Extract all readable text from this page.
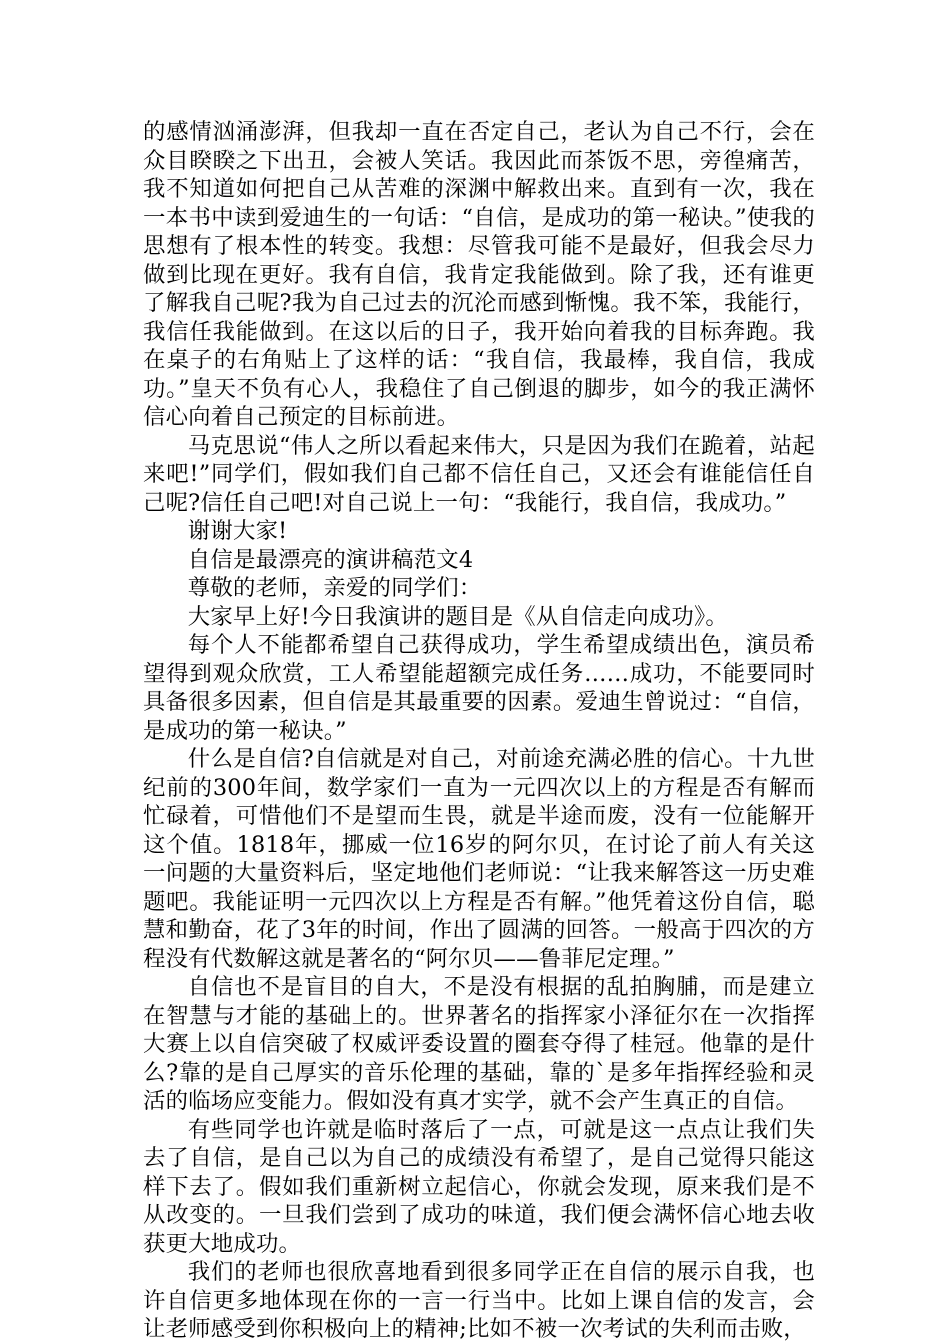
的感情汹涌澎湃，但我却一直在否定自己，老认为自己不行，会在众目睽睽之下出丑，会被人笑话。我因此而茶饭不思，旁徨痛苦，我不知道如何把自己从苦难的深渊中解救出来。直到有一次，我在一本书中读到爱迪生的一句话：“自信，是成功的第一秘诀。”使我的思想有了根本性的转变。我想：尽管我可能不是最好，但我会尽力做到比现在更好。我有自信，我肯定我能做到。除了我，还有谁更了解我自己呢?我为自己过去的沉沦而感到惭愧。我不笨，我能行，我信任我能做到。在这以后的日子，我开始向着我的目标奔跑。我在桌子的右角贴上了这样的话：“我自信，我最棒，我自信，我成功。”皇天不负有心人，我稳住了自己倒退的脚步，如今的我正满怀信心向着自己预定的目标前进。

马克思说“伟人之所以看起来伟大，只是因为我们在跪着，站起来吧!”同学们，假如我们自己都不信任自己，又还会有谁能信任自己呢?信任自己吧!对自己说上一句：“我能行，我自信，我成功。”

谢谢大家!

自信是最漂亮的演讲稿范文4

尊敬的老师，亲爱的同学们：

大家早上好!今日我演讲的题目是《从自信走向成功》。

每个人不能都希望自己获得成功，学生希望成绩出色，演员希望得到观众欣赏，工人希望能超额完成任务……成功，不能要同时具备很多因素，但自信是其最重要的因素。爱迪生曾说过：“自信，是成功的第一秘诀。”

什么是自信?自信就是对自己，对前途充满必胜的信心。十九世纪前的300年间，数学家们一直为一元四次以上的方程是否有解而忙碌着，可惜他们不是望而生畏，就是半途而废，没有一位能解开这个值。1818年，挪威一位16岁的阿尔贝，在讨论了前人有关这一问题的大量资料后，坚定地他们老师说：“让我来解答这一历史难题吧。我能证明一元四次以上方程是否有解。”他凭着这份自信，聪慧和勤奋，花了3年的时间，作出了圆满的回答。一般高于四次的方程没有代数解这就是著名的“阿尔贝——鲁菲尼定理。”

自信也不是盲目的自大，不是没有根据的乱拍胸脯，而是建立在智慧与才能的基础上的。世界著名的指挥家小泽征尔在一次指挥大赛上以自信突破了权威评委设置的圈套夺得了桂冠。他靠的是什么?靠的是自己厚实的音乐伦理的基础，靠的`是多年指挥经验和灵活的临场应变能力。假如没有真才实学，就不会产生真正的自信。

有些同学也许就是临时落后了一点，可就是这一点点让我们失去了自信，是自己以为自己的成绩没有希望了，是自己觉得只能这样下去了。假如我们重新树立起信心，你就会发现，原来我们是不从改变的。一旦我们尝到了成功的味道，我们便会满怀信心地去收获更大地成功。

我们的老师也很欣喜地看到很多同学正在自信的展示自我，也许自信更多地体现在你的一言一行当中。比如上课自信的发言，会让老师感受到你积极向上的精神;比如不被一次考试的失利而击败，
